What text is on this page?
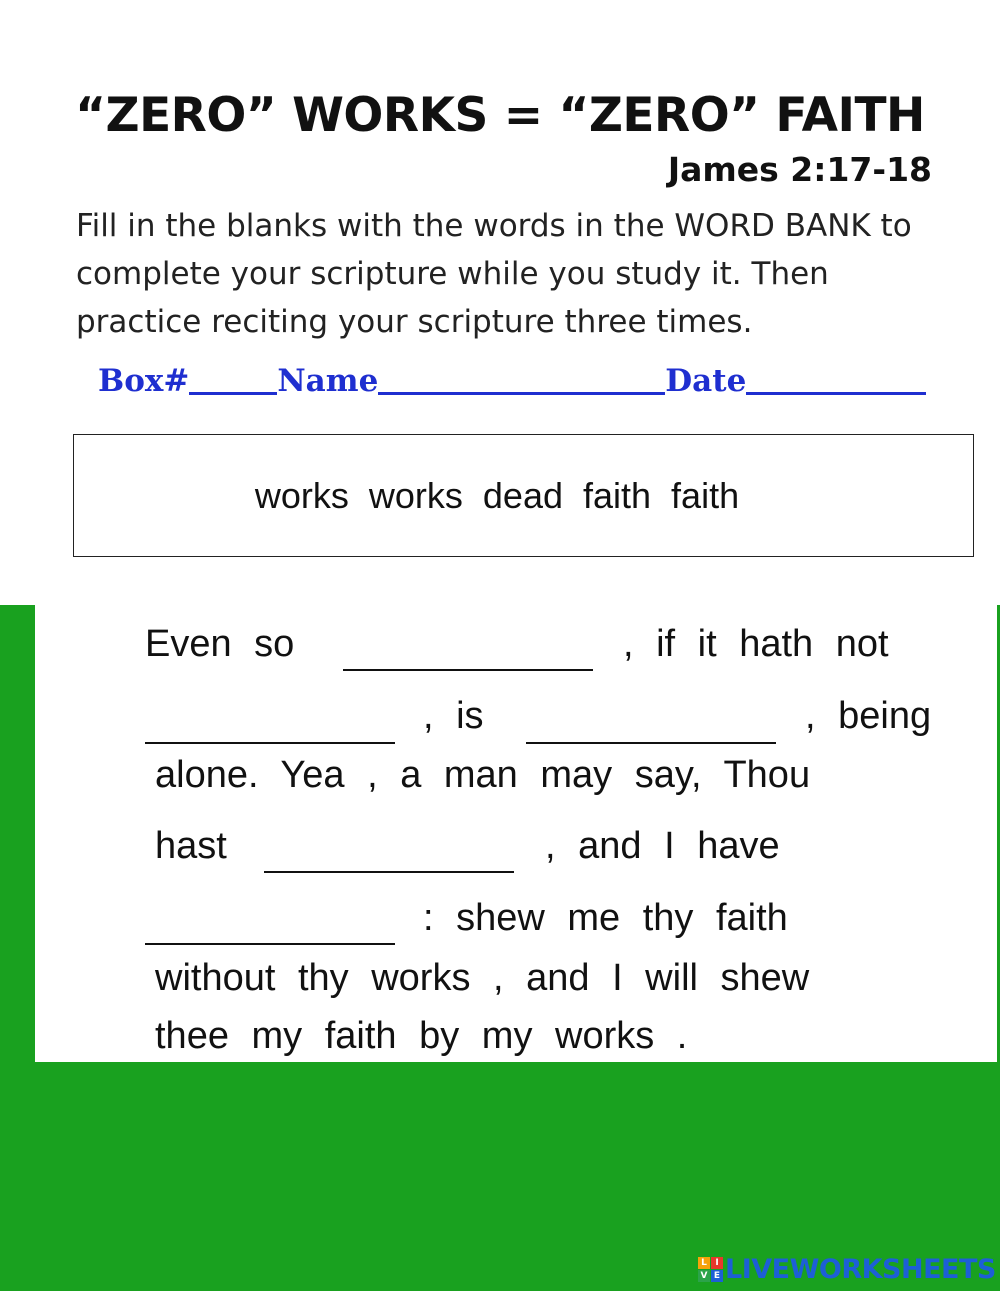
“ZERO” WORKS = “ZERO” FAITH
James 2:17-18
Fill in the blanks with the words in the WORD BANK to complete your scripture while you study it. Then practice reciting your scripture three times.
Box#	Name	Date
works works dead faith faith
Even so	, if it hath not
, is	, being
alone. Yea , a man may say, Thou
hast	, and I have
: shew me thy faith
without thy works , and I will shew
thee my faith by my works .
L I
V E LIVEWORKSHEETS
